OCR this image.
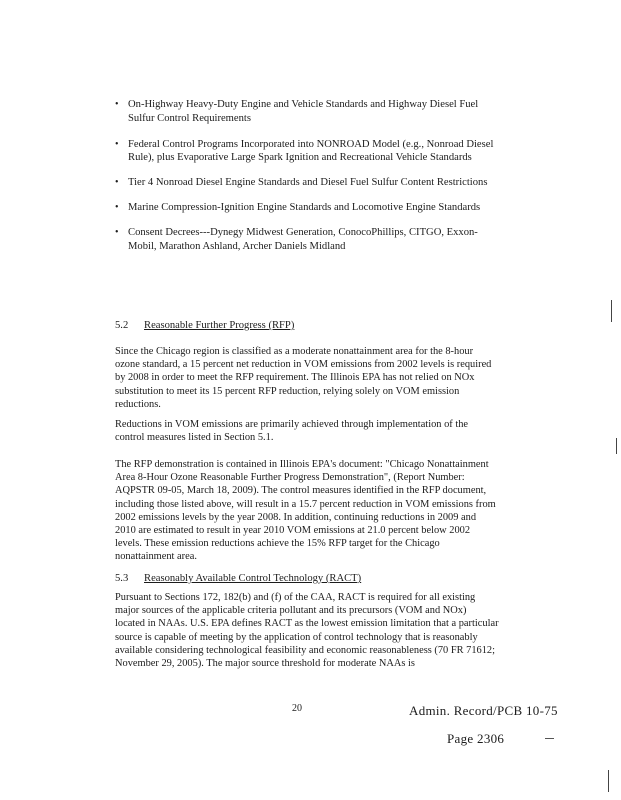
• On-Highway Heavy-Duty Engine and Vehicle Standards and Highway Diesel Fuel Sulfur Control Requirements
• Federal Control Programs Incorporated into NONROAD Model (e.g., Nonroad Diesel Rule), plus Evaporative Large Spark Ignition and Recreational Vehicle Standards
• Tier 4 Nonroad Diesel Engine Standards and Diesel Fuel Sulfur Content Restrictions
• Marine Compression-Ignition Engine Standards and Locomotive Engine Standards
• Consent Decrees---Dynegy Midwest Generation, ConocoPhillips, CITGO, Exxon-Mobil, Marathon Ashland, Archer Daniels Midland
5.2 Reasonable Further Progress (RFP)

Since the Chicago region is classified as a moderate nonattainment area for the 8-hour ozone standard, a 15 percent net reduction in VOM emissions from 2002 levels is required by 2008 in order to meet the RFP requirement. The Illinois EPA has not relied on NOx substitution to meet its 15 percent RFP reduction, relying solely on VOM emission reductions.

Reductions in VOM emissions are primarily achieved through implementation of the control measures listed in Section 5.1.

The RFP demonstration is contained in Illinois EPA's document: "Chicago Nonattainment Area 8-Hour Ozone Reasonable Further Progress Demonstration", (Report Number: AQPSTR 09-05, March 18, 2009). The control measures identified in the RFP document, including those listed above, will result in a 15.7 percent reduction in VOM emissions from 2002 emissions levels by the year 2008. In addition, continuing reductions in 2009 and 2010 are estimated to result in year 2010 VOM emissions at 21.0 percent below 2002 levels. These emission reductions achieve the 15% RFP target for the Chicago nonattainment area.

5.3 Reasonably Available Control Technology (RACT)

Pursuant to Sections 172, 182(b) and (f) of the CAA, RACT is required for all existing major sources of the applicable criteria pollutant and its precursors (VOM and NOx) located in NAAs. U.S. EPA defines RACT as the lowest emission limitation that a particular source is capable of meeting by the application of control technology that is reasonably available considering technological feasibility and economic reasonableness (70 FR 71612; November 29, 2005). The major source threshold for moderate NAAs is

20	Admin. Record/PCB 10-75
Page 2306
